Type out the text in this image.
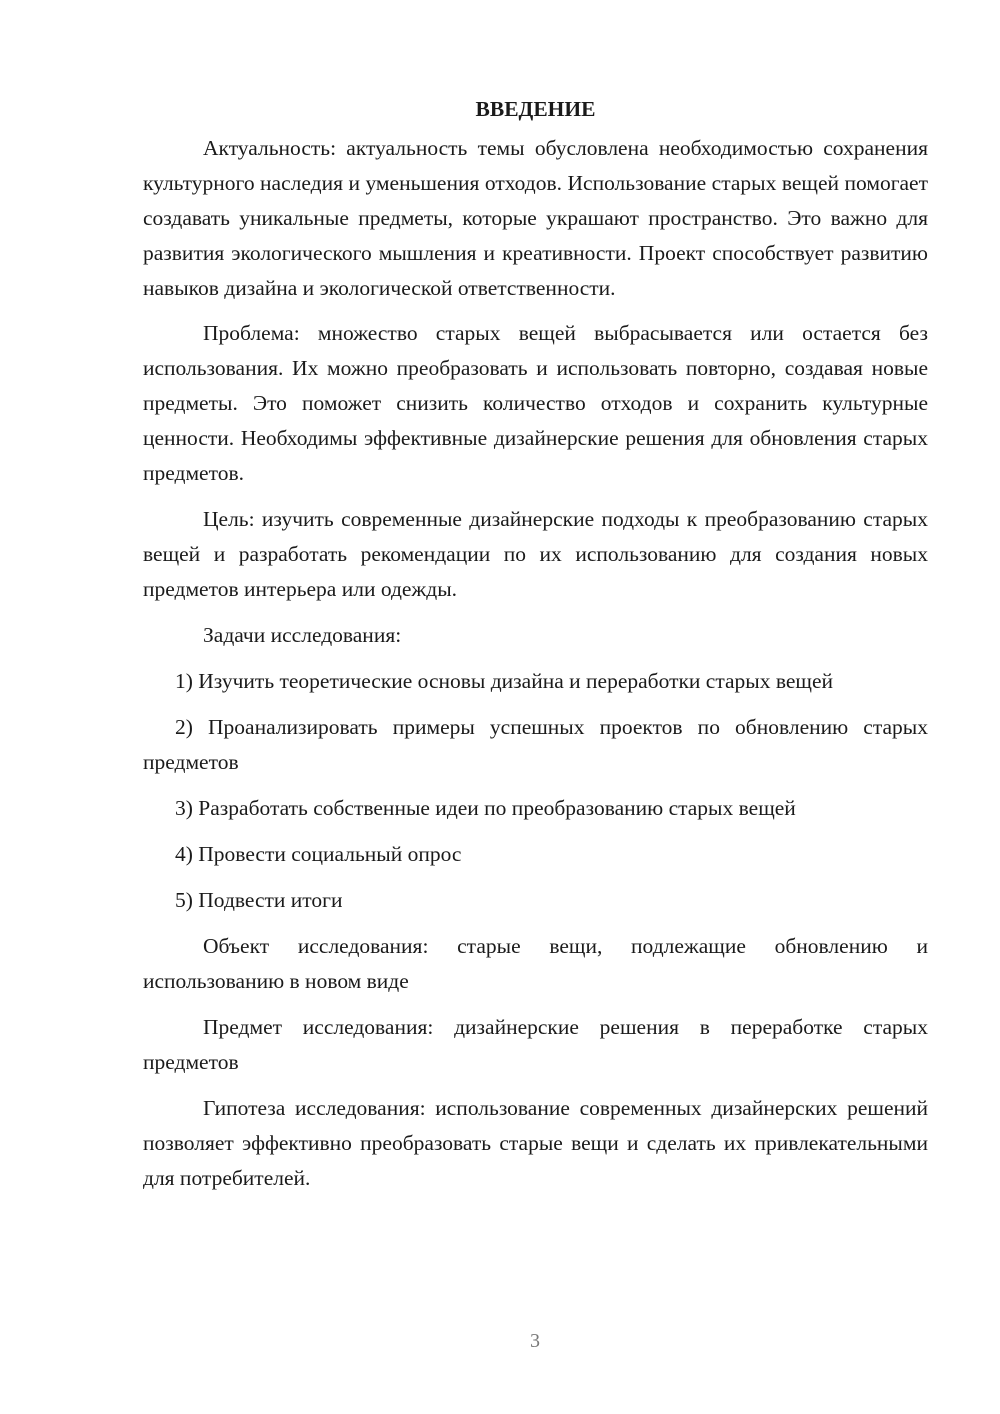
ВВЕДЕНИЕ

Актуальность: актуальность темы обусловлена необходимостью сохранения культурного наследия и уменьшения отходов. Использование старых вещей помогает создавать уникальные предметы, которые украшают пространство. Это важно для развития экологического мышления и креативности. Проект способствует развитию навыков дизайна и экологической ответственности.

Проблема: множество старых вещей выбрасывается или остается без использования. Их можно преобразовать и использовать повторно, создавая новые предметы. Это поможет снизить количество отходов и сохранить культурные ценности. Необходимы эффективные дизайнерские решения для обновления старых предметов.

Цель: изучить современные дизайнерские подходы к преобразованию старых вещей и разработать рекомендации по их использованию для создания новых предметов интерьера или одежды.

Задачи исследования:

1) Изучить теоретические основы дизайна и переработки старых вещей

2) Проанализировать примеры успешных проектов по обновлению старых предметов

3) Разработать собственные идеи по преобразованию старых вещей

4) Провести социальный опрос

5) Подвести итоги

Объект исследования: старые вещи, подлежащие обновлению и использованию в новом виде

Предмет исследования: дизайнерские решения в переработке старых предметов

Гипотеза исследования: использование современных дизайнерских решений позволяет эффективно преобразовать старые вещи и сделать их привлекательными для потребителей.

3
